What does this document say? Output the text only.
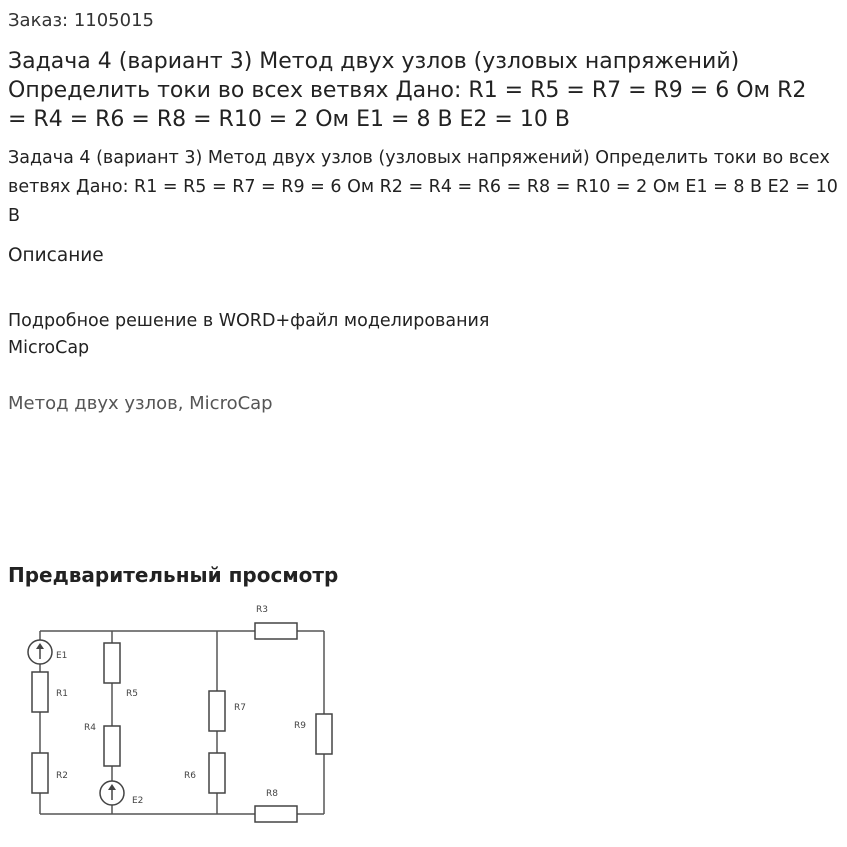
Заказ: 1105015
Задача 4 (вариант 3) Метод двух узлов (узловых напряжений) Определить токи во всех ветвях Дано: R1 = R5 = R7 = R9 = 6 Ом R2 = R4 = R6 = R8 = R10 = 2 Ом E1 = 8 В E2 = 10 В

Задача 4 (вариант 3) Метод двух узлов (узловых напряжений) Определить токи во всех ветвях Дано: R1 = R5 = R7 = R9 = 6 Ом R2 = R4 = R6 = R8 = R10 = 2 Ом E1 = 8 В E2 = 10 В

Описание

Подробное решение в WORD+файл моделирования MicroCap

Метод двух узлов, MicroCap
Предварительный просмотр
E1
R1
R2
R5
R4
E2
R7
R6
R9
R3
R8
